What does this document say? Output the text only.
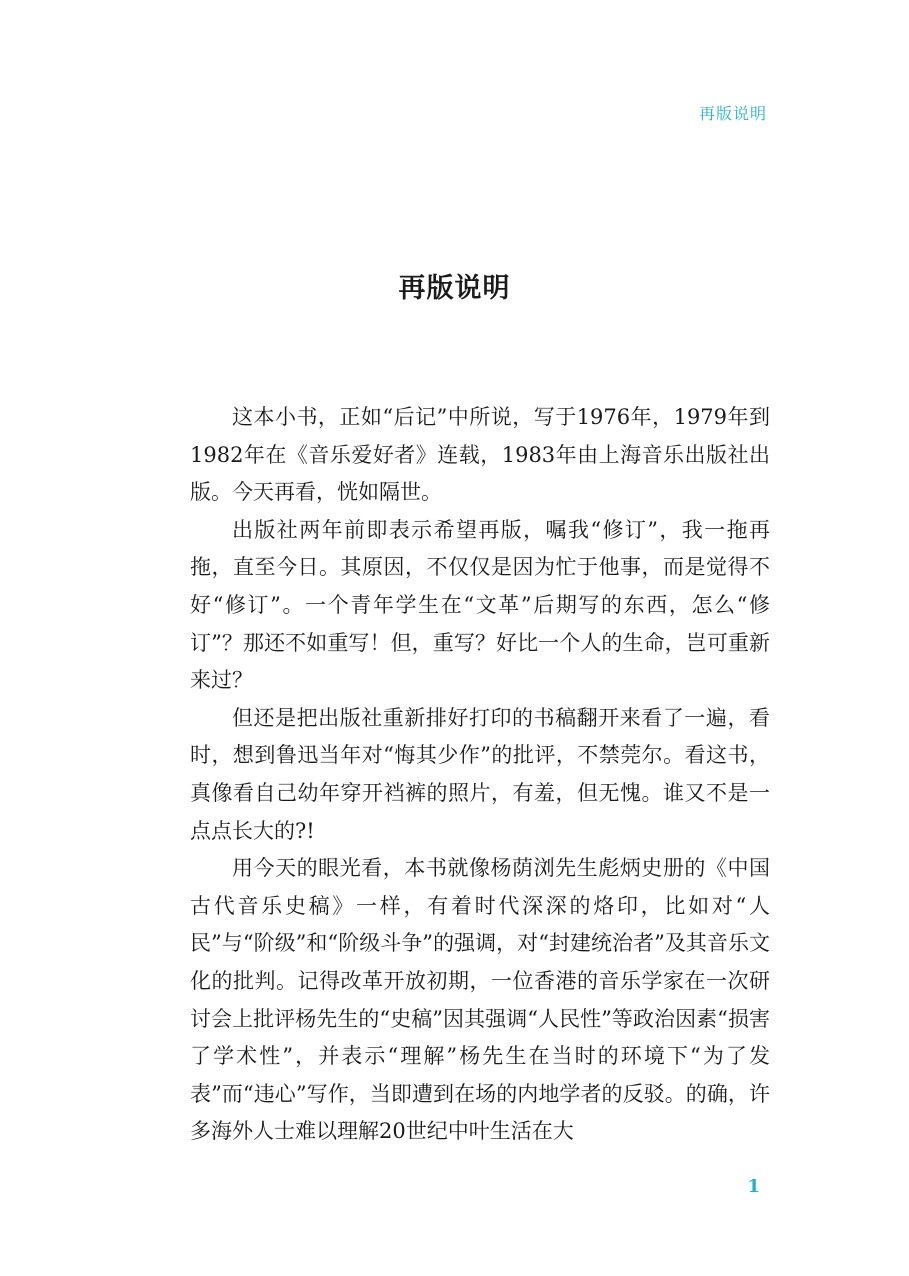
再版说明
再版说明

这本小书，正如“后记”中所说，写于1976年，1979年到1982年在《音乐爱好者》连载，1983年由上海音乐出版社出版。今天再看，恍如隔世。

出版社两年前即表示希望再版，嘱我“修订”，我一拖再拖，直至今日。其原因，不仅仅是因为忙于他事，而是觉得不好“修订”。一个青年学生在“文革”后期写的东西，怎么“修订”？那还不如重写！但，重写？好比一个人的生命，岂可重新来过？

但还是把出版社重新排好打印的书稿翻开来看了一遍，看时，想到鲁迅当年对“悔其少作”的批评，不禁莞尔。看这书，真像看自己幼年穿开裆裤的照片，有羞，但无愧。谁又不是一点点长大的?!

用今天的眼光看，本书就像杨荫浏先生彪炳史册的《中国古代音乐史稿》一样，有着时代深深的烙印，比如对“人民”与“阶级”和“阶级斗争”的强调，对“封建统治者”及其音乐文化的批判。记得改革开放初期，一位香港的音乐学家在一次研讨会上批评杨先生的“史稿”因其强调“人民性”等政治因素“损害了学术性”，并表示“理解”杨先生在当时的环境下“为了发表”而“违心”写作，当即遭到在场的内地学者的反驳。的确，许多海外人士难以理解20世纪中叶生活在大

1
